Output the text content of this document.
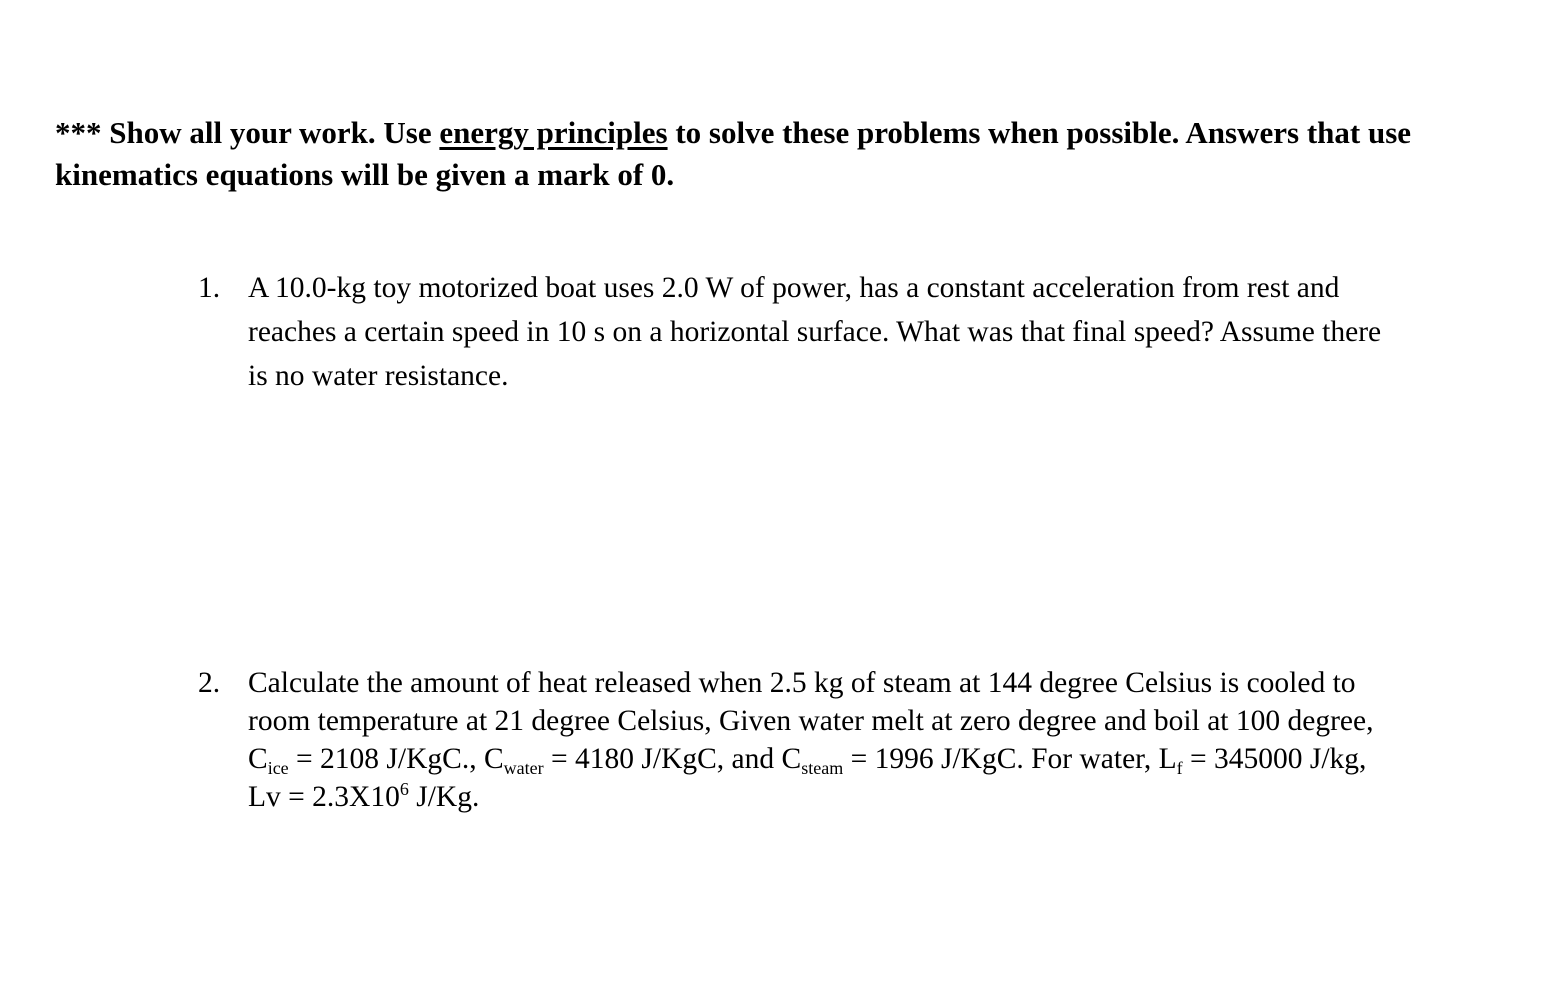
*** Show all your work. Use energy principles to solve these problems when possible. Answers that use kinematics equations will be given a mark of 0.
1. A 10.0-kg toy motorized boat uses 2.0 W of power, has a constant acceleration from rest and
reaches a certain speed in 10 s on a horizontal surface. What was that final speed? Assume there
is no water resistance.
2. Calculate the amount of heat released when 2.5 kg of steam at 144 degree Celsius is cooled to
room temperature at 21 degree Celsius, Given water melt at zero degree and boil at 100 degree,
$C_{ice} = 2108$ J/KgC., $C_{water} = 4180$ J/KgC, and $C_{steam} = 1996$ J/KgC. For water, $L_f = 345000$ J/kg,
$Lv = 2.3X10^6$ J/Kg.
